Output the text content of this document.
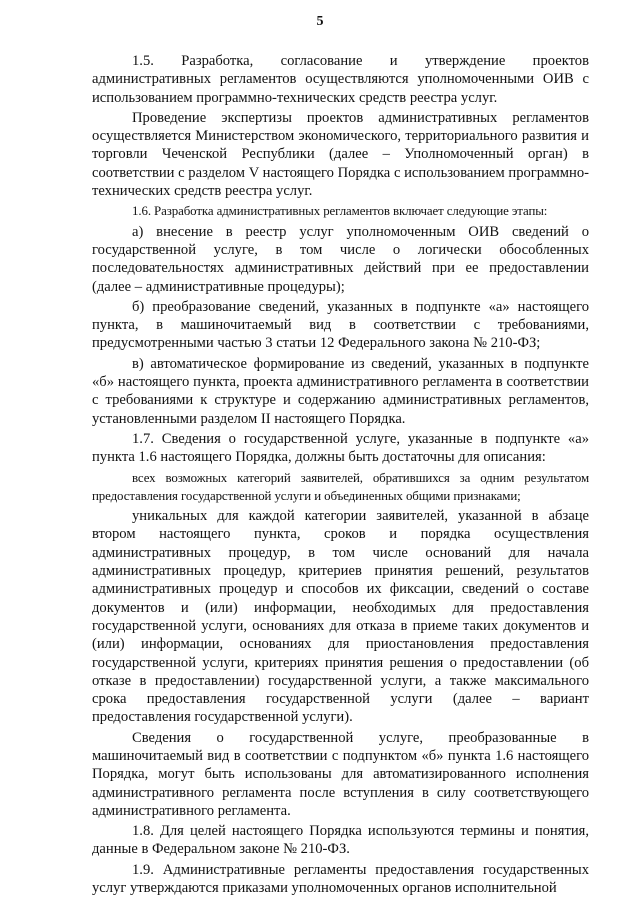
5

1.5. Разработка, согласование и утверждение проектов административных регламентов осуществляются уполномоченными ОИВ с использованием программно-технических средств реестра услуг.

Проведение экспертизы проектов административных регламентов осуществляется Министерством экономического, территориального развития и торговли Чеченской Республики (далее – Уполномоченный орган) в соответствии с разделом V настоящего Порядка с использованием программно-технических средств реестра услуг.

1.6. Разработка административных регламентов включает следующие этапы:

а) внесение в реестр услуг уполномоченным ОИВ сведений о государственной услуге, в том числе о логически обособленных последовательностях административных действий при ее предоставлении (далее – административные процедуры);

б) преобразование сведений, указанных в подпункте «а» настоящего пункта, в машиночитаемый вид в соответствии с требованиями, предусмотренными частью 3 статьи 12 Федерального закона № 210-ФЗ;

в) автоматическое формирование из сведений, указанных в подпункте «б» настоящего пункта, проекта административного регламента в соответствии с требованиями к структуре и содержанию административных регламентов, установленными разделом II настоящего Порядка.

1.7. Сведения о государственной услуге, указанные в подпункте «а» пункта 1.6 настоящего Порядка, должны быть достаточны для описания:

всех возможных категорий заявителей, обратившихся за одним результатом предоставления государственной услуги и объединенных общими признаками;

уникальных для каждой категории заявителей, указанной в абзаце втором настоящего пункта, сроков и порядка осуществления административных процедур, в том числе оснований для начала административных процедур, критериев принятия решений, результатов административных процедур и способов их фиксации, сведений о составе документов и (или) информации, необходимых для предоставления государственной услуги, основаниях для отказа в приеме таких документов и (или) информации, основаниях для приостановления предоставления государственной услуги, критериях принятия решения о предоставлении (об отказе в предоставлении) государственной услуги, а также максимального срока предоставления государственной услуги (далее – вариант предоставления государственной услуги).

Сведения о государственной услуге, преобразованные в машиночитаемый вид в соответствии с подпунктом «б» пункта 1.6 настоящего Порядка, могут быть использованы для автоматизированного исполнения административного регламента после вступления в силу соответствующего административного регламента.

1.8. Для целей настоящего Порядка используются термины и понятия, данные в Федеральном законе № 210-ФЗ.

1.9. Административные регламенты предоставления государственных услуг утверждаются приказами уполномоченных органов исполнительной
